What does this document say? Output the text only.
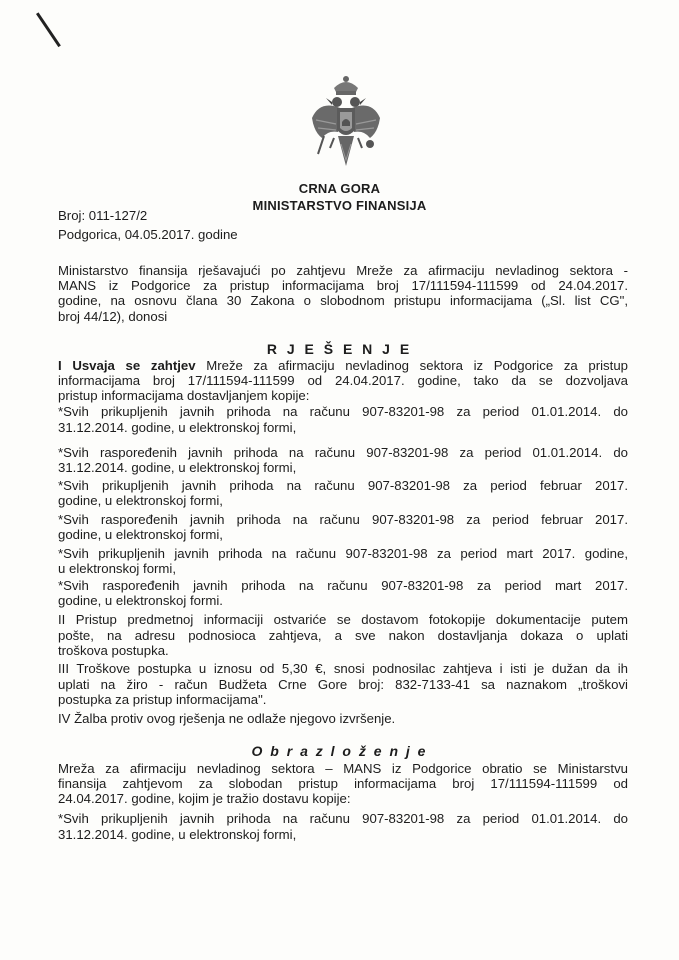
CRNA GORA
MINISTARSTVO FINANSIJA
Broj: 011-127/2
Podgorica, 04.05.2017. godine
Ministarstvo finansija rješavajući po zahtjevu Mreže za afirmaciju nevladinog sektora -
MANS iz Podgorice za pristup informacijama broj 17/111594-111599 od 24.04.2017.
godine, na osnovu člana 30 Zakona o slobodnom pristupu informacijama („Sl. list CG",
broj 44/12), donosi
R J E Š E N J E
I Usvaja se zahtjev Mreže za afirmaciju nevladinog sektora iz Podgorice za pristup
informacijama broj 17/111594-111599 od 24.04.2017. godine, tako da se dozvoljava
pristup informacijama dostavljanjem kopije:
*Svih prikupljenih javnih prihoda na računu 907-83201-98 za period 01.01.2014. do
31.12.2014. godine, u elektronskoj formi,
*Svih raspoređenih javnih prihoda na računu 907-83201-98 za period 01.01.2014. do
31.12.2014. godine, u elektronskoj formi,
*Svih prikupljenih javnih prihoda na računu 907-83201-98 za period februar 2017.
godine, u elektronskoj formi,
*Svih raspoređenih javnih prihoda na računu 907-83201-98 za period februar 2017.
godine, u elektronskoj formi,
*Svih prikupljenih javnih prihoda na računu 907-83201-98 za period mart 2017. godine,
u elektronskoj formi,
*Svih raspoređenih javnih prihoda na računu 907-83201-98 za period mart 2017.
godine, u elektronskoj formi.
II Pristup predmetnoj informaciji ostvariće se dostavom fotokopije dokumentacije putem
pošte, na adresu podnosioca zahtjeva, a sve nakon dostavljanja dokaza o uplati
troškova postupka.
III Troškove postupka u iznosu od 5,30 €, snosi podnosilac zahtjeva i isti je dužan da ih
uplati na žiro - račun Budžeta Crne Gore broj: 832-7133-41 sa naznakom „troškovi
postupka za pristup informacijama".
IV Žalba protiv ovog rješenja ne odlaže njegovo izvršenje.
O b r a z l o ž e n j e
Mreža za afirmaciju nevladinog sektora – MANS iz Podgorice obratio se Ministarstvu
finansija zahtjevom za slobodan pristup informacijama broj 17/111594-111599 od
24.04.2017. godine, kojim je tražio dostavu kopije:
*Svih prikupljenih javnih prihoda na računu 907-83201-98 za period 01.01.2014. do
31.12.2014. godine, u elektronskoj formi,
